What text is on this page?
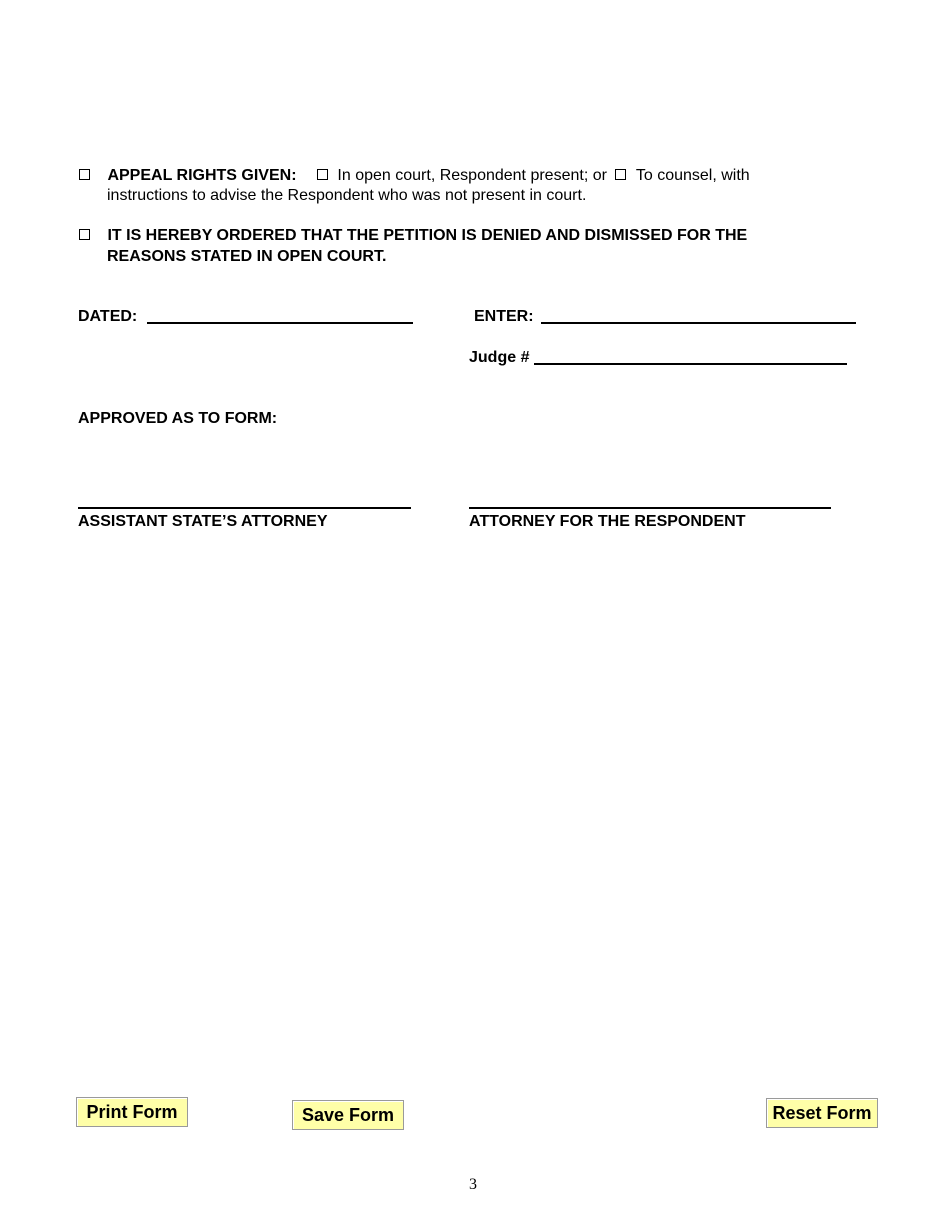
APPEAL RIGHTS GIVEN:	In open court, Respondent present; or To counsel, with
instructions to advise the Respondent who was not present in court.
IT IS HEREBY ORDERED THAT THE PETITION IS DENIED AND DISMISSED FOR THE
REASONS STATED IN OPEN COURT.
DATED:	ENTER:
Judge #
APPROVED AS TO FORM:
ASSISTANT STATE’S ATTORNEY	ATTORNEY FOR THE RESPONDENT
Print Form	Save Form	Reset Form
3
